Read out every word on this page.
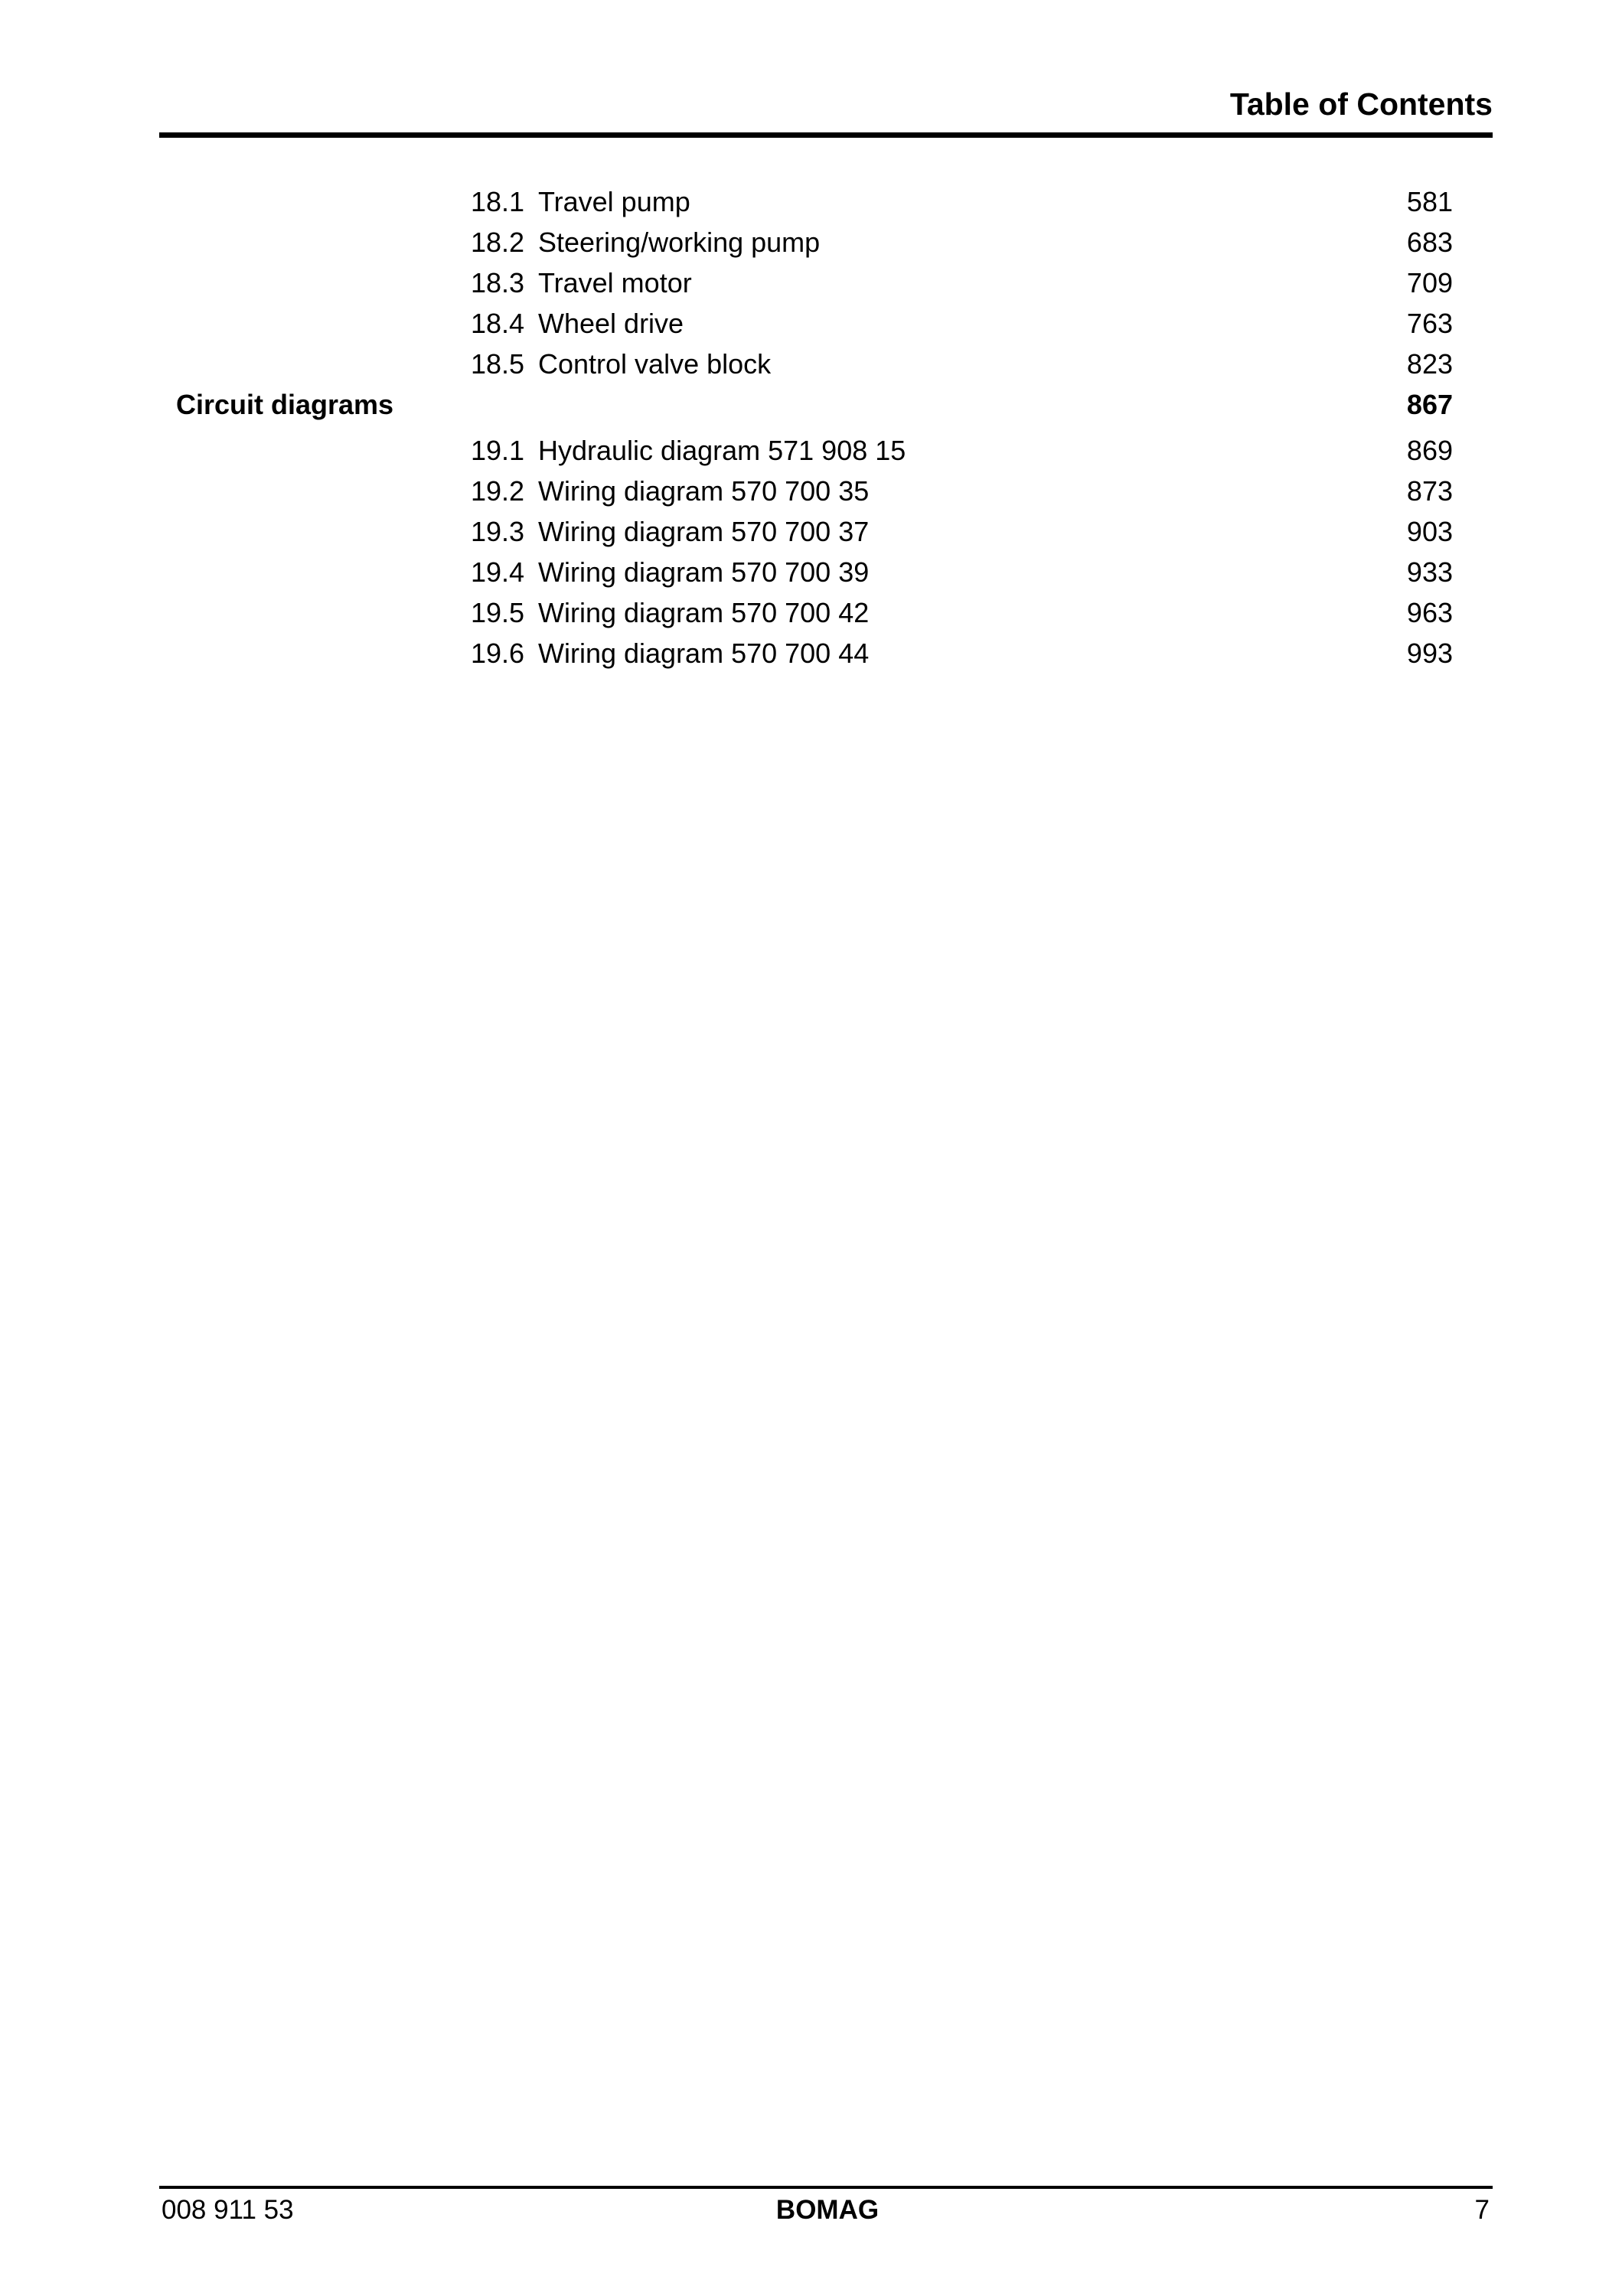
Table of Contents
18.1 Travel pump	581
18.2 Steering/working pump	683
18.3 Travel motor	709
18.4 Wheel drive	763
18.5 Control valve block	823
Circuit diagrams	867
19.1 Hydraulic diagram 571 908 15	869
19.2 Wiring diagram 570 700 35	873
19.3 Wiring diagram 570 700 37	903
19.4 Wiring diagram 570 700 39	933
19.5 Wiring diagram 570 700 42	963
19.6 Wiring diagram 570 700 44	993
008 911 53	BOMAG	7
